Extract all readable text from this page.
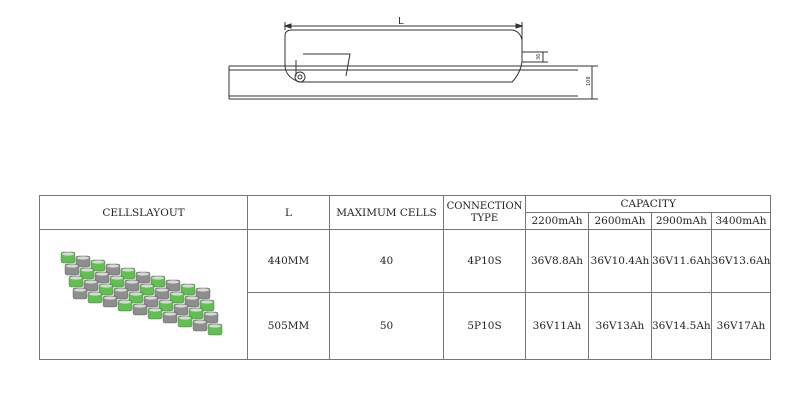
L
36
108
CELLSLAYOUT	L	MAXIMUM CELLS	CONNECTION TYPE	CAPACITY			
				2200mAh	2600mAh	2900mAh	3400mAh

	440MM	40	4P10S	36V8.8Ah	36V10.4Ah	36V11.6Ah	36V13.6Ah
	505MM	50	5P10S	36V11Ah	36V13Ah	36V14.5Ah	36V17Ah
